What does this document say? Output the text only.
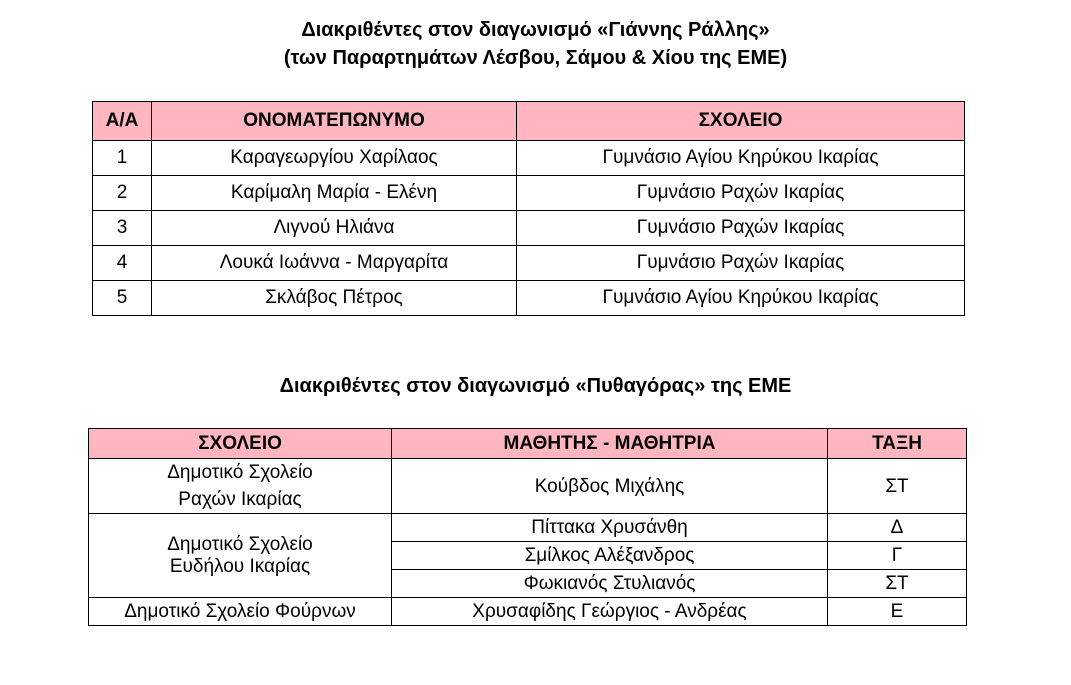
Διακριθέντες στον διαγωνισμό «Γιάννης Ράλλης»
(των Παραρτημάτων Λέσβου, Σάμου & Χίου της ΕΜΕ)
Α/Α	ΟΝΟΜΑΤΕΠΩΝΥΜΟ	ΣΧΟΛΕΙΟ
1	Καραγεωργίου Χαρίλαος	Γυμνάσιο Αγίου Κηρύκου Ικαρίας
2	Καρίμαλη Μαρία - Ελένη	Γυμνάσιο Ραχών Ικαρίας
3	Λιγνού Ηλιάνα	Γυμνάσιο Ραχών Ικαρίας
4	Λουκά Ιωάννα - Μαργαρίτα	Γυμνάσιο Ραχών Ικαρίας
5	Σκλάβος Πέτρος	Γυμνάσιο Αγίου Κηρύκου Ικαρίας
Διακριθέντες στον διαγωνισμό «Πυθαγόρας» της ΕΜΕ
ΣΧΟΛΕΙΟ	ΜΑΘΗΤΗΣ - ΜΑΘΗΤΡΙΑ	ΤΑΞΗ

Δημοτικό Σχολείο
Ραχών Ικαρίας	Κούβδος Μιχάλης	ΣΤ

Δημοτικό Σχολείο
Ευδήλου Ικαρίας	Πίττακα Χρυσάνθη	Δ
	Σμίλκος Αλέξανδρος	Γ
	Φωκιανός Στυλιανός	ΣΤ
Δημοτικό Σχολείο Φούρνων	Χρυσαφίδης Γεώργιος - Ανδρέας	Ε
